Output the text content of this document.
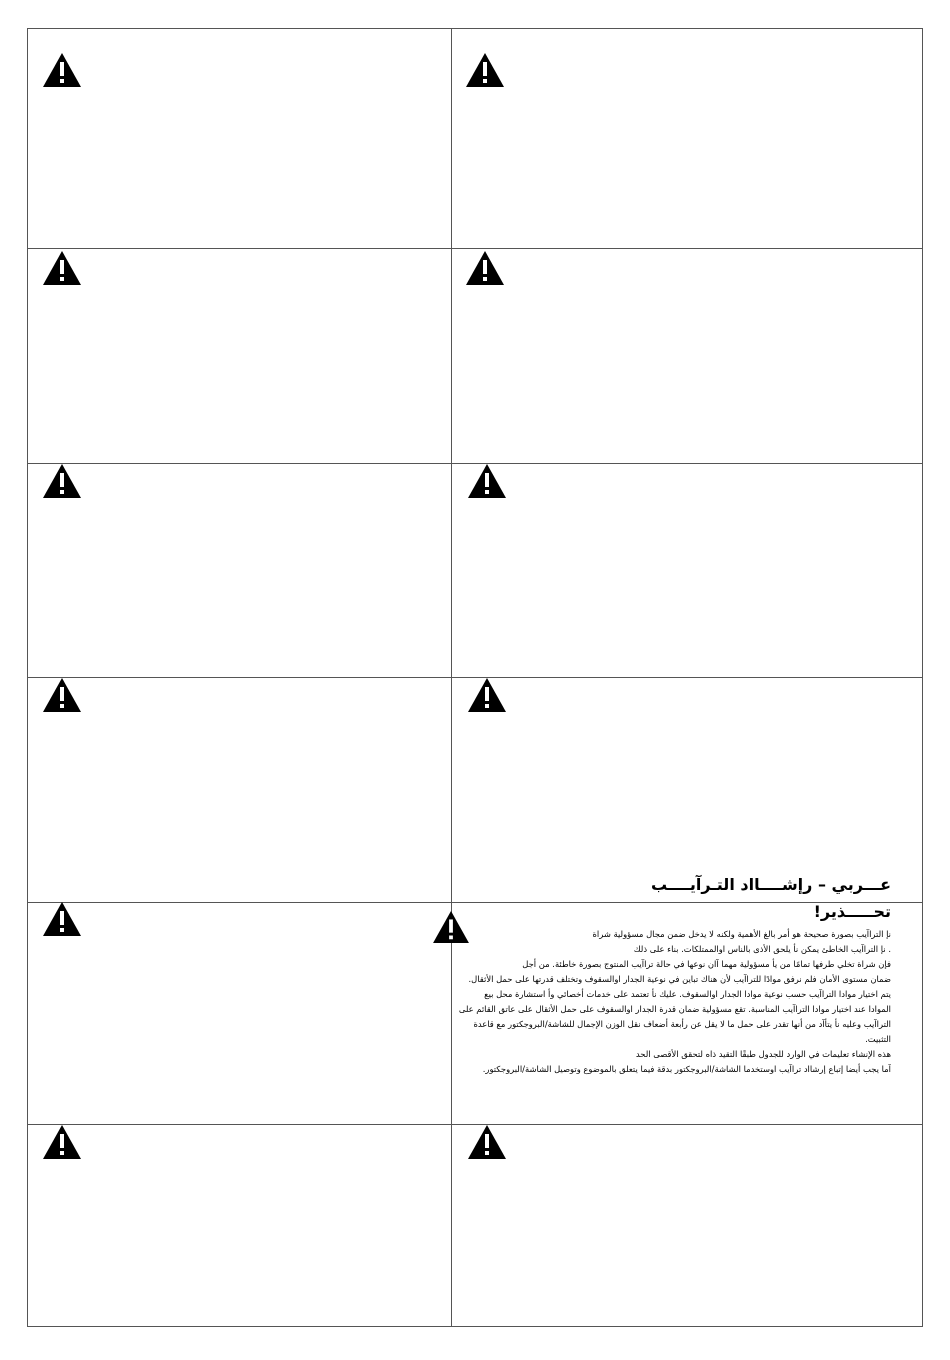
عـــربي – رإشــــااد التـرآيــــب
تحـــــذير!
نإ التراآيب بصورة صحيحة هو أمر بالغ الأهمية ولكنه لا يدخل ضمن مجال مسؤولية شراة
. نإ التراآيب الخاطئ يمكن نأ يلحق الأذى بالناس اوالممتلكات. بناء على ذلك
فإن شراة تخلي طرفها تمامًا من يأ مسؤولية مهما آان نوعها في حالة تراآيب المنتوج بصورة خاطئة. من أجل
ضمان مستوى الأمان فلم نرفق موادًا للتراآيب لأن هناك تباين في نوعية الجدار اوالسقوف وتختلف قدرتها على حمل الأثقال.
يتم اختيار موادا التراآيب حسب نوعية موادا الجدار اوالسقوف. عليك نأ تعتمد على خدمات أخصائي وأ استشارة محل بيع
الموادا عند اختيار موادا التراآيب المناسبة. تقع مسؤولية ضمان قدرة الجدار اوالسقوف على حمل الأثقال على عاتق القائم على
التراآيب وعليه نأ يتأآد من أنها تقدر على حمل ما لا يقل عن رأبعة أضعاف نقل الوزن الإجمال للشاشة/البروجكتور مع قاعدة
التثبيت.
هذه الإنشاء تعليمات في الوارد للجدول طبقًا التقيد ذاه لتحقق الأقصى الحد
آما يجب أيضا إتباع إرشااد تراآيب اوستخدما الشاشة/البروجكتور بدقة فيما يتعلق بالموضوع وتوصيل الشاشة/البروجكتور.
